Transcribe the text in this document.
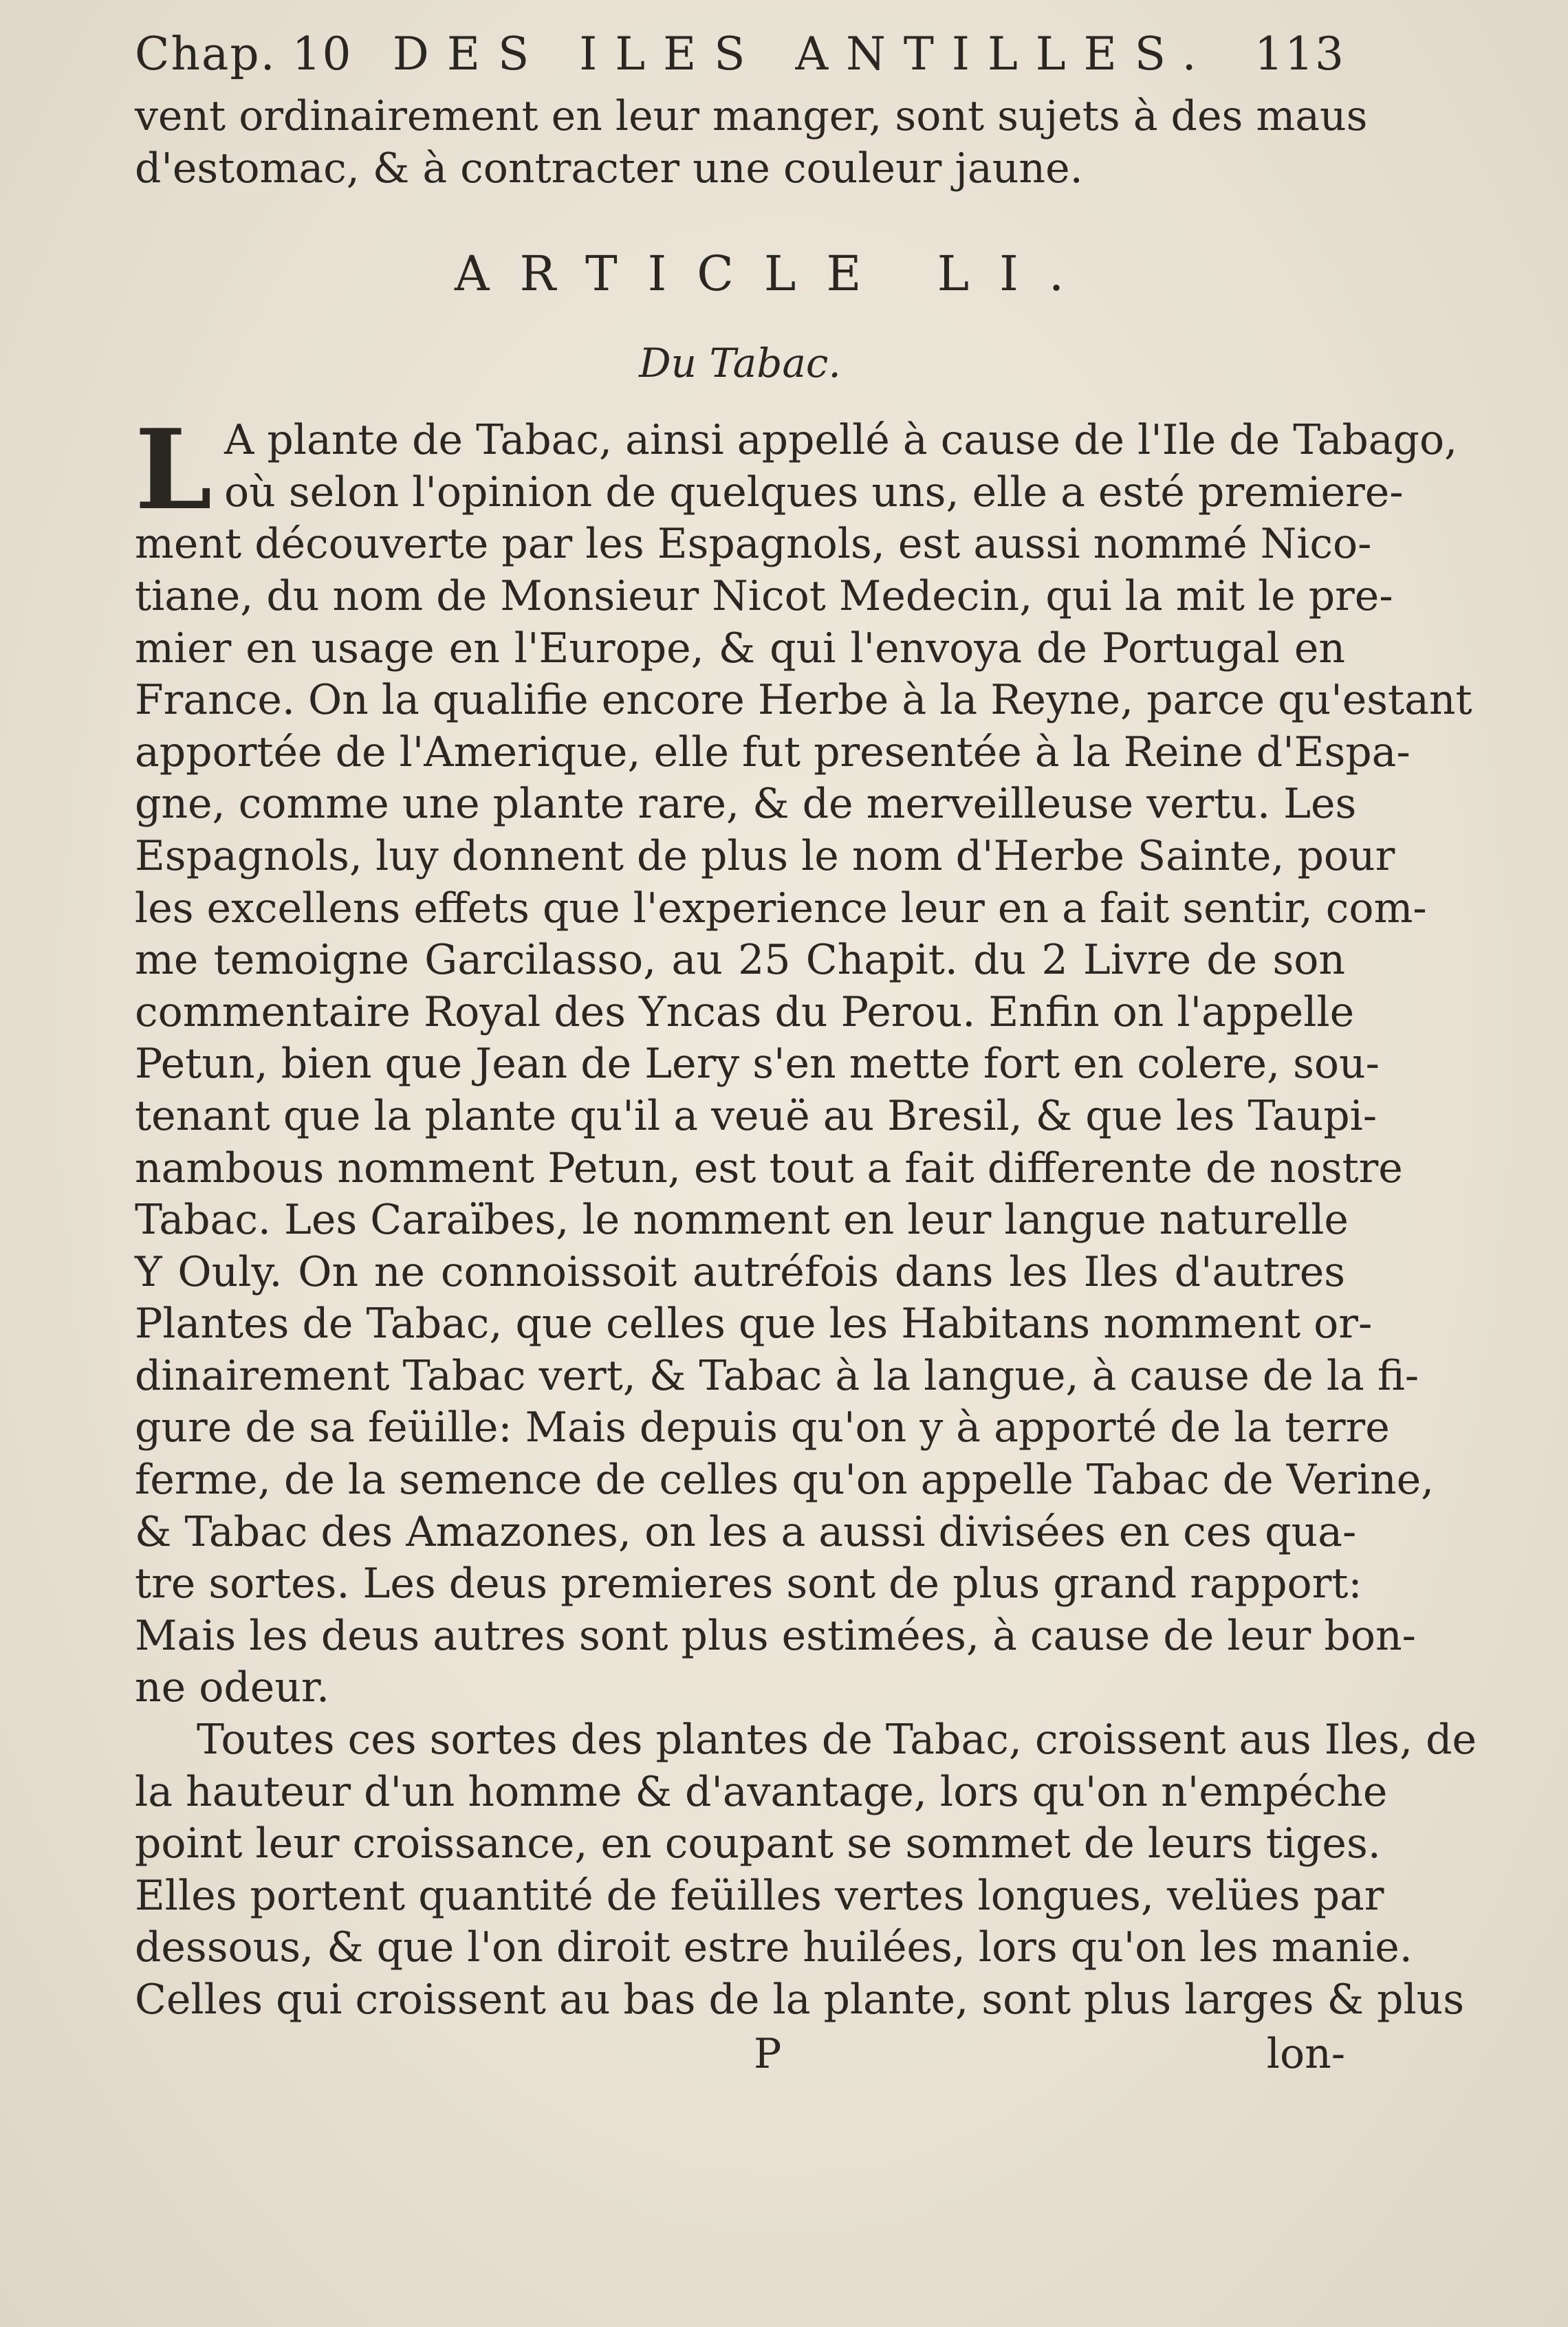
Chap. 10 DES ILES ANTILLES. 113
vent ordinairement en leur manger, sont sujets à des maus
d'estomac, & à contracter une couleur jaune.
ARTICLE LI.
Du Tabac.
L A plante de Tabac, ainsi appellé à cause de l'Ile de Tabago,
où selon l'opinion de quelques uns, elle a esté premiere-
ment découverte par les Espagnols, est aussi nommé Nico-
tiane, du nom de Monsieur Nicot Medecin, qui la mit le pre-
mier en usage en l'Europe, & qui l'envoya de Portugal en
France. On la qualifie encore Herbe à la Reyne, parce qu'estant
apportée de l'Amerique, elle fut presentée à la Reine d'Espa-
gne, comme une plante rare, & de merveilleuse vertu. Les
Espagnols, luy donnent de plus le nom d'Herbe Sainte, pour
les excellens effets que l'experience leur en a fait sentir, com-
me temoigne Garcilasso, au 25 Chapit. du 2 Livre de son
commentaire Royal des Yncas du Perou. Enfin on l'appelle
Petun, bien que Jean de Lery s'en mette fort en colere, sou-
tenant que la plante qu'il a veuë au Bresil, & que les Taupi-
nambous nomment Petun, est tout a fait differente de nostre
Tabac. Les Caraïbes, le nomment en leur langue naturelle
Y Ouly. On ne connoissoit autréfois dans les Iles d'autres
Plantes de Tabac, que celles que les Habitans nomment or-
dinairement Tabac vert, & Tabac à la langue, à cause de la fi-
gure de sa feüille: Mais depuis qu'on y à apporté de la terre
ferme, de la semence de celles qu'on appelle Tabac de Verine,
& Tabac des Amazones, on les a aussi divisées en ces qua-
tre sortes. Les deus premieres sont de plus grand rapport:
Mais les deus autres sont plus estimées, à cause de leur bon-
ne odeur.
Toutes ces sortes des plantes de Tabac, croissent aus Iles, de
la hauteur d'un homme & d'avantage, lors qu'on n'empéche
point leur croissance, en coupant se sommet de leurs tiges.
Elles portent quantité de feüilles vertes longues, velües par
dessous, & que l'on diroit estre huilées, lors qu'on les manie.
Celles qui croissent au bas de la plante, sont plus larges & plus
P	lon-
